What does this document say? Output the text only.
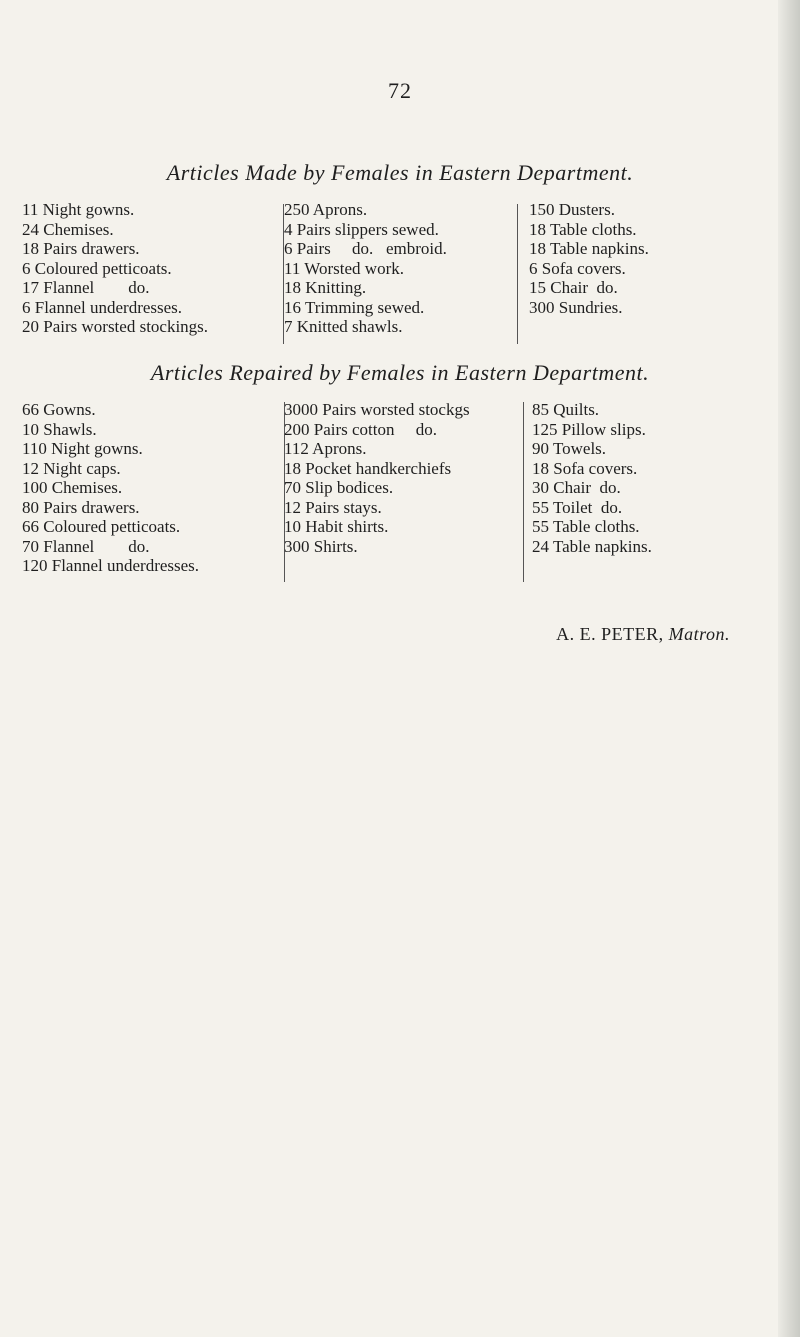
72
Articles Made by Females in Eastern Department.
11 Night gowns.
24 Chemises.
18 Pairs drawers.
6 Coloured petticoats.
17 Flannel        do.
6 Flannel underdresses.
20 Pairs worsted stockings.
250 Aprons.
4 Pairs slippers sewed.
6 Pairs     do.   embroid.
11 Worsted work.
18 Knitting.
16 Trimming sewed.
7 Knitted shawls.
150 Dusters.
18 Table cloths.
18 Table napkins.
6 Sofa covers.
15 Chair  do.
300 Sundries.
Articles Repaired by Females in Eastern Department.
66 Gowns.
10 Shawls.
110 Night gowns.
12 Night caps.
100 Chemises.
80 Pairs drawers.
66 Coloured petticoats.
70 Flannel        do.
120 Flannel underdresses.
3000 Pairs worsted stockgs
200 Pairs cotton     do.
112 Aprons.
18 Pocket handkerchiefs
70 Slip bodices.
12 Pairs stays.
10 Habit shirts.
300 Shirts.
85 Quilts.
125 Pillow slips.
90 Towels.
18 Sofa covers.
30 Chair  do.
55 Toilet  do.
55 Table cloths.
24 Table napkins.
A. E. PETER, Matron.
